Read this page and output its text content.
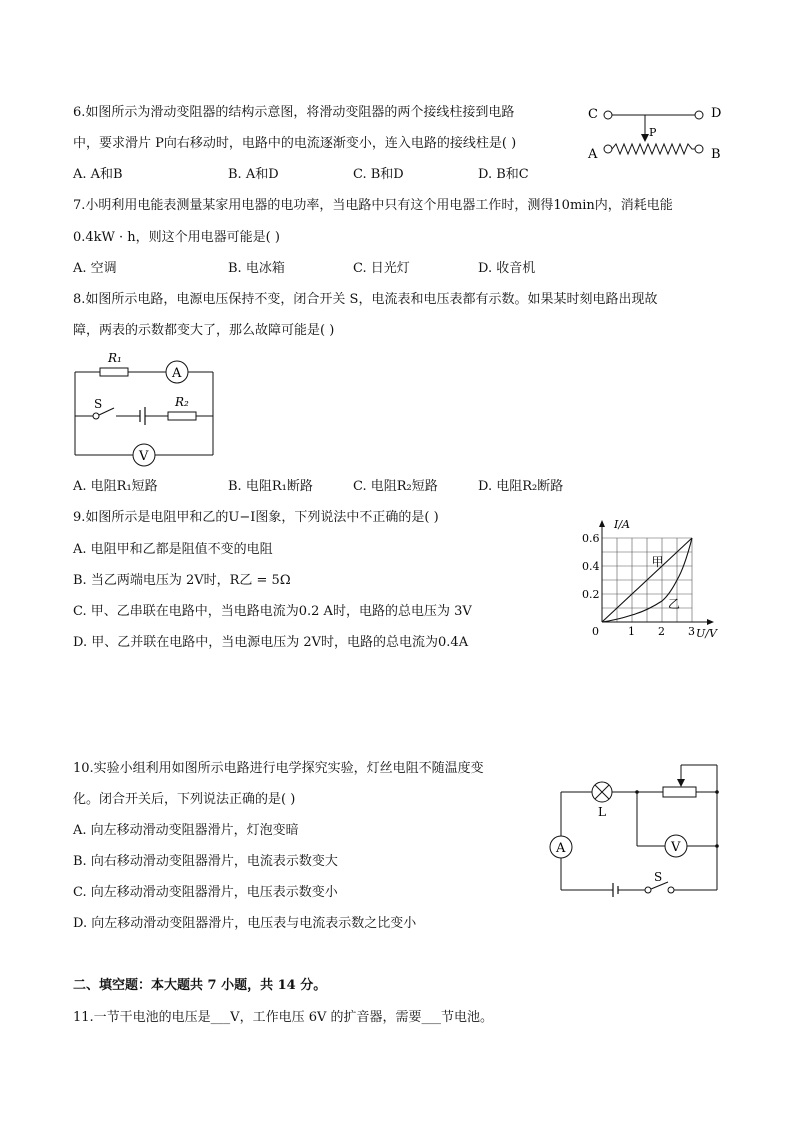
6.如图所示为滑动变阻器的结构示意图，将滑动变阻器的两个接线柱接到电路
中，要求滑片 P向右移动时，电路中的电流逐渐变小，连入电路的接线柱是( )
A. A和B	B. A和D	C. B和D	D. B和C
C	D
P
A	B
7.小明利用电能表测量某家用电器的电功率，当电路中只有这个用电器工作时，测得10min内，消耗电能
0.4kW · h，则这个用电器可能是( )
A. 空调	B. 电冰箱	C. 日光灯	D. 收音机
8.如图所示电路，电源电压保持不变，闭合开关 S，电流表和电压表都有示数。如果某时刻电路出现故
障，两表的示数都变大了，那么故障可能是( )
R₁
A
S	R₂
V
A. 电阻R₁短路	B. 电阻R₁断路	C. 电阻R₂短路	D. 电阻R₂断路
9.如图所示是电阻甲和乙的U−I图象，下列说法中不正确的是( )
A. 电阻甲和乙都是阻值不变的电阻
B. 当乙两端电压为 2V时，R乙 = 5Ω
C. 甲、乙串联在电路中，当电路电流为0.2 A时，电路的总电压为 3V
D. 甲、乙并联在电路中，当电源电压为 2V时，电路的总电流为0.4A
0	1 2 3
0.2
0.4
0.6
U/V
I/A
甲
乙
10.实验小组利用如图所示电路进行电学探究实验，灯丝电阻不随温度变
化。闭合开关后，下列说法正确的是( )
A. 向左移动滑动变阻器滑片，灯泡变暗
B. 向右移动滑动变阻器滑片，电流表示数变大
C. 向左移动滑动变阻器滑片，电压表示数变小
D. 向左移动滑动变阻器滑片，电压表与电流表示数之比变小
L
V
A
S
二、填空题：本大题共 7 小题，共 14 分。
11.一节干电池的电压是___V，工作电压 6V 的扩音器，需要___节电池。
